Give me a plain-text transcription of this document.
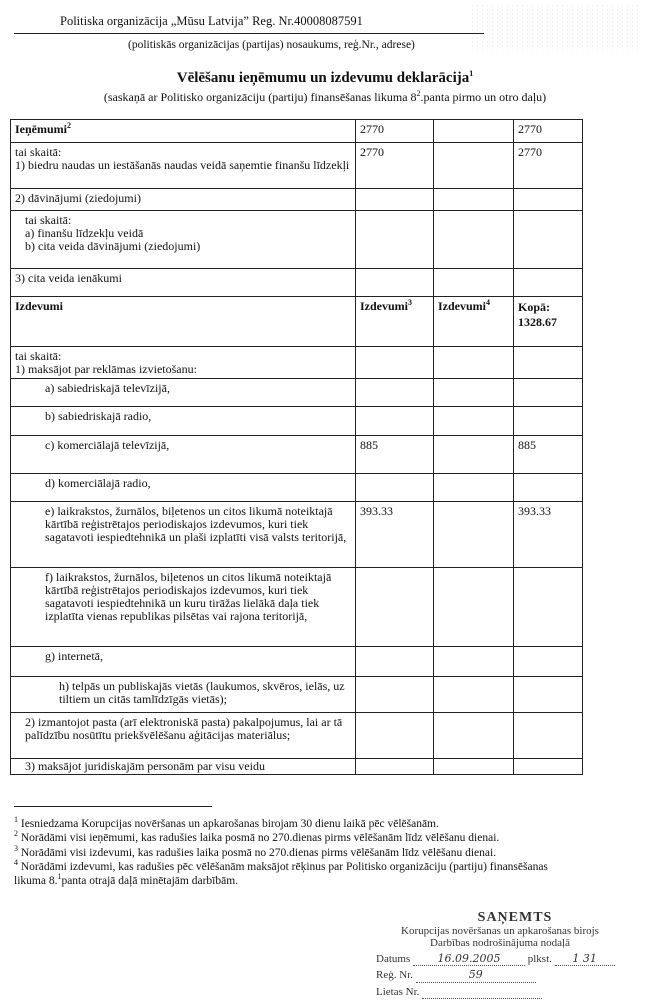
Politiska organizācija „Mūsu Latvija” Reg. Nr.40008087591
(politiskās organizācijas (partijas) nosaukums, reģ.Nr., adrese)
Vēlēšanu ieņēmumu un izdevumu deklarācija$^1$
(saskaņā ar Politisko organizāciju (partiju) finansēšanas likuma $8^2.panta$ pirmo un otro daļu)
Ieņēmumi$^2$	2770		2770
tai skaitā:
1) biedru naudas un iestāšanās naudas veidā saņemtie finanšu līdzekļi	2770		2770
2) dāvinājumi (ziedojumi)			
tai skaitā:
a) finanšu līdzekļu veidā
b) cita veida dāvinājumi (ziedojumi)			
3) cita veida ienākumi			
Izdevumi	Izdevumi$^3$	Izdevumi$^4$	Kopā:
1328.67

tai skaitā:
1) maksājot par reklāmas izvietošanu:			
a) sabiedriskajā televīzijā,			
b) sabiedriskajā radio,			
c) komerciālajā televīzijā,	885		885
d) komerciālajā radio,			
e) laikrakstos, žurnālos, biļetenos un citos likumā noteiktajā kārtībā reģistrētajos periodiskajos izdevumos, kuri tiek sagatavoti iespiedtehnikā un plaši izplatīti visā valsts teritorijā,	393.33		393.33
f) laikrakstos, žurnālos, biļetenos un citos likumā noteiktajā kārtībā reģistrētajos periodiskajos izdevumos, kuri tiek sagatavoti iespiedtehnikā un kuru tirāžas lielākā daļa tiek izplatīta vienas republikas pilsētas vai rajona teritorijā,			
g) internetā,			
h) telpās un publiskajās vietās (laukumos, skvēros, ielās, uz tiltiem un citās tamlīdzīgās vietās);			
2) izmantojot pasta (arī elektroniskā pasta) pakalpojumus, lai ar tā palīdzību nosūtītu priekšvēlēšanu aģitācijas materiālus;			
3) maksājot juridiskajām personām par visu veidu			

$^1$ Iesniedzama Korupcijas novēršanas un apkarošanas birojam 30 dienu laikā pēc vēlēšanām.

$^2$ Norādāmi visi ieņēmumi, kas radušies laika posmā no 270.dienas pirms vēlēšanām līdz vēlēšanu dienai.

$^3$ Norādāmi visi izdevumi, kas radušies laika posmā no 270.dienas pirms vēlēšanām līdz vēlēšanu dienai.

$^4$ Norādāmi izdevumi, kas radušies pēc vēlēšanām maksājot rēķinus par Politisko organizāciju (partiju) finansēšanas likuma 8.$^1$panta otrajā daļā minētajām darbībām.

SAŅEMTS
Korupcijas novēršanas un apkarošanas birojs
Darbības nodrošinājuma nodaļā
Datums 16.09.2005 plkst. 1 31
Reģ. Nr.	59
Lietas Nr.
